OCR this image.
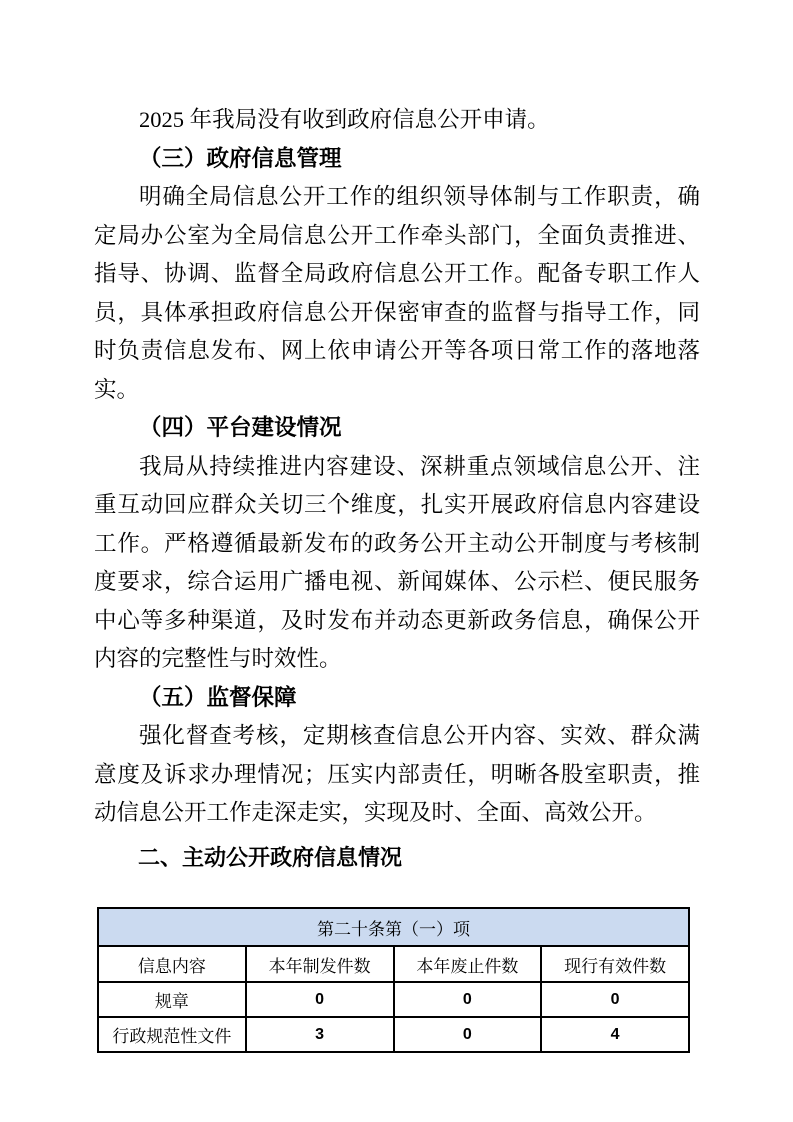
2025 年我局没有收到政府信息公开申请。

（三）政府信息管理

明确全局信息公开工作的组织领导体制与工作职责，确定局办公室为全局信息公开工作牵头部门，全面负责推进、指导、协调、监督全局政府信息公开工作。配备专职工作人员，具体承担政府信息公开保密审查的监督与指导工作，同时负责信息发布、网上依申请公开等各项日常工作的落地落实。

（四）平台建设情况

我局从持续推进内容建设、深耕重点领域信息公开、注重互动回应群众关切三个维度，扎实开展政府信息内容建设工作。严格遵循最新发布的政务公开主动公开制度与考核制度要求，综合运用广播电视、新闻媒体、公示栏、便民服务中心等多种渠道，及时发布并动态更新政务信息，确保公开内容的完整性与时效性。

（五）监督保障

强化督查考核，定期核查信息公开内容、实效、群众满意度及诉求办理情况；压实内部责任，明晰各股室职责，推动信息公开工作走深走实，实现及时、全面、高效公开。

二、主动公开政府信息情况

第二十条第（一）项			
信息内容	本年制发件数	本年废止件数	现行有效件数
规章	0	0	0
行政规范性文件	3	0	4
